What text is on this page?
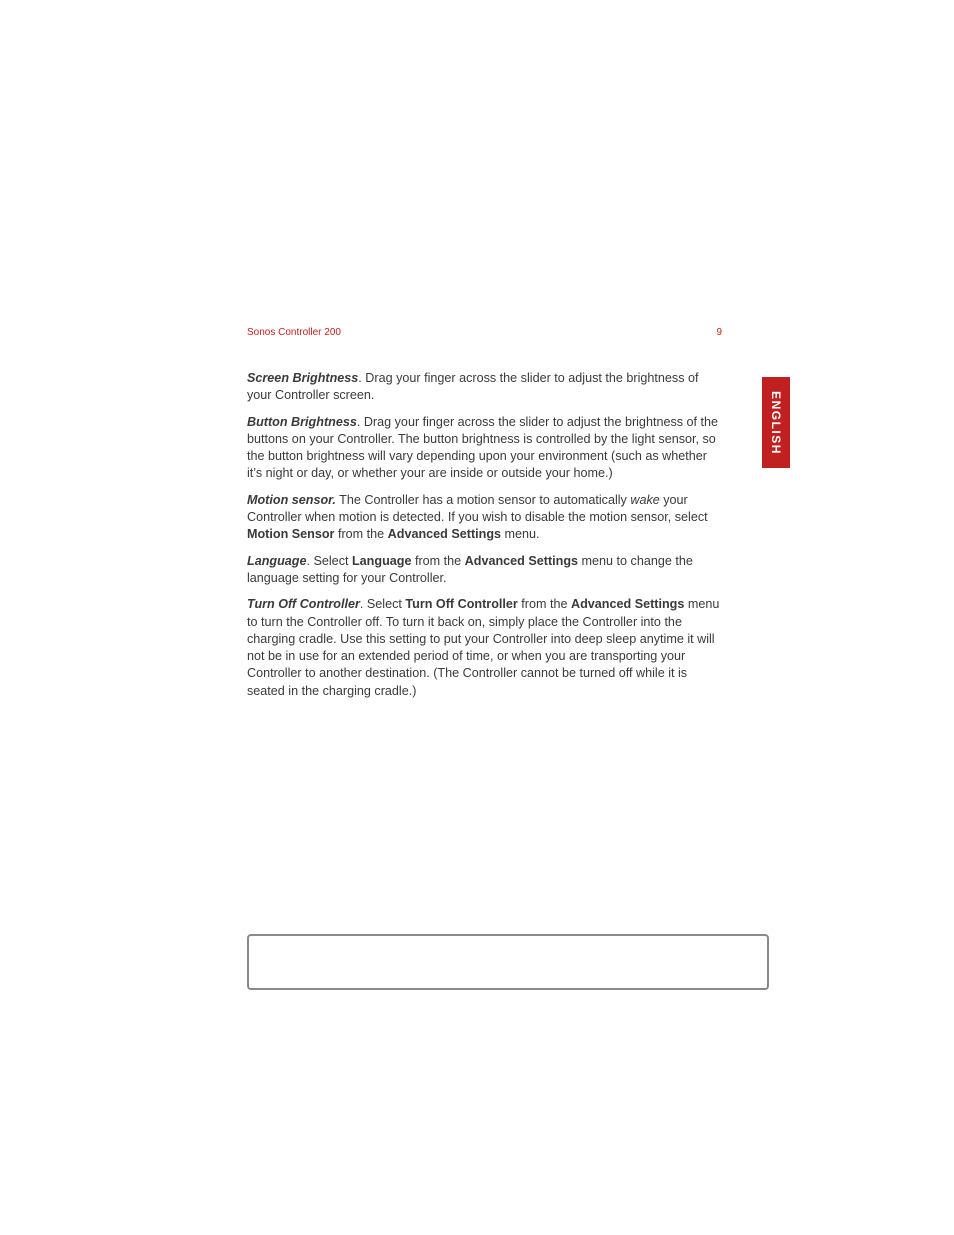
Sonos Controller 200	9
ENGLISH

Screen Brightness. Drag your finger across the slider to adjust the brightness of your Controller screen.

Button Brightness. Drag your finger across the slider to adjust the brightness of the buttons on your Controller. The button brightness is controlled by the light sensor, so the button brightness will vary depending upon your environment (such as whether it’s night or day, or whether your are inside or outside your home.)

Motion sensor. The Controller has a motion sensor to automatically wake your Controller when motion is detected. If you wish to disable the motion sensor, select Motion Sensor from the Advanced Settings menu.

Language. Select Language from the Advanced Settings menu to change the language setting for your Controller.

Turn Off Controller. Select Turn Off Controller from the Advanced Settings menu to turn the Controller off. To turn it back on, simply place the Controller into the charging cradle. Use this setting to put your Controller into deep sleep anytime it will not be in use for an extended period of time, or when you are transporting your Controller to another destination. (The Controller cannot be turned off while it is seated in the charging cradle.)
